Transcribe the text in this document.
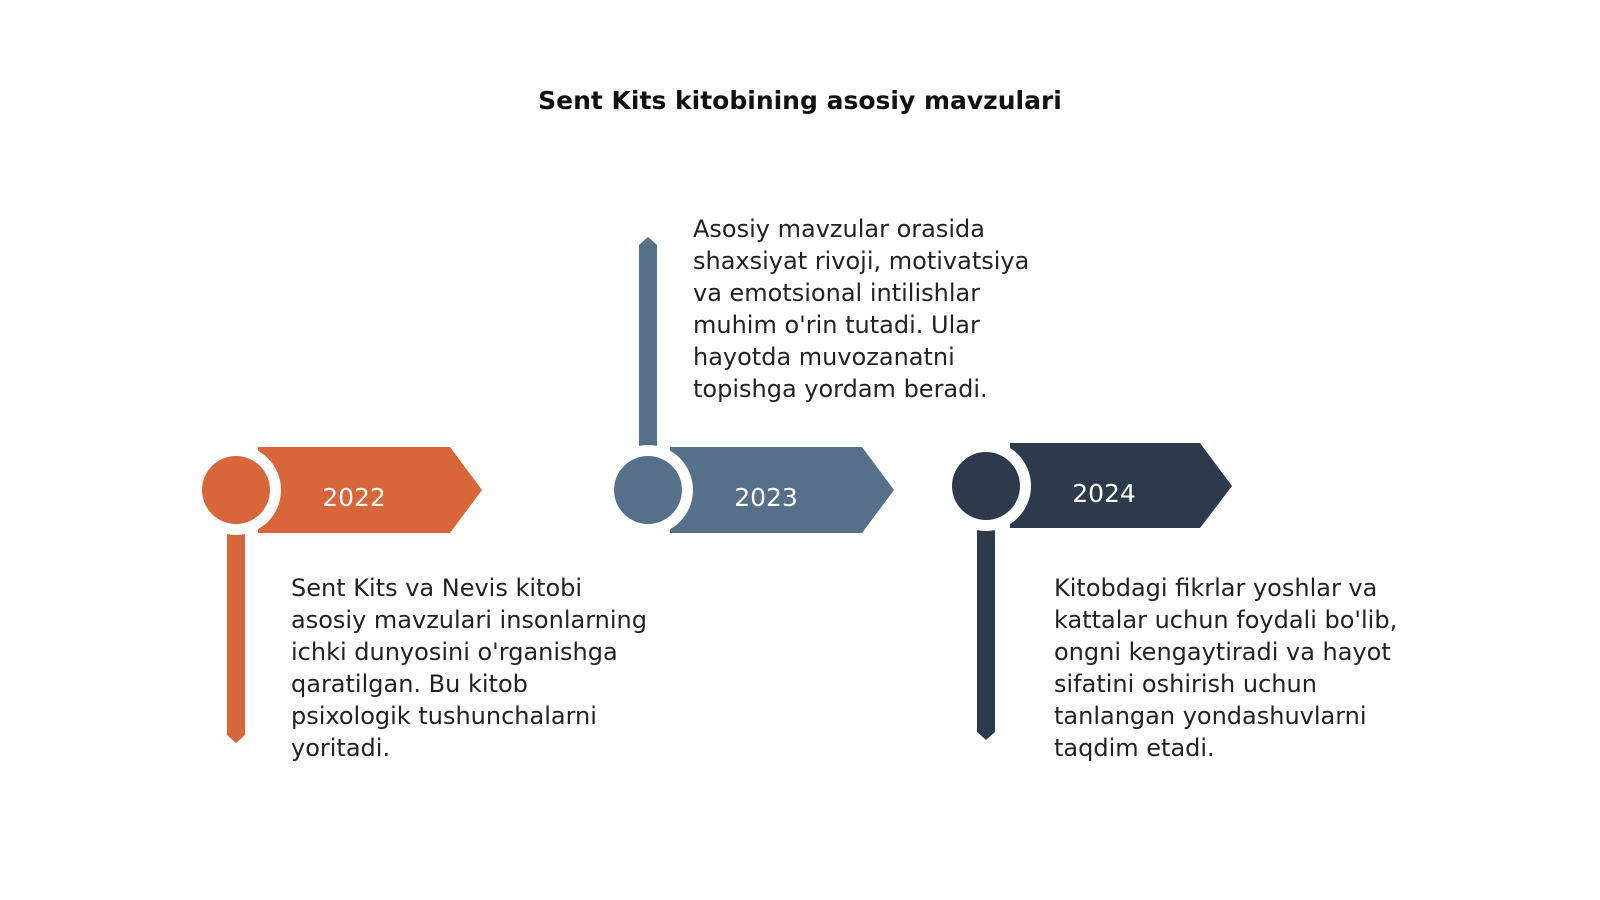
Sent Kits kitobining asosiy mavzulari
2022	2023	2024
Sent Kits va Nevis kitobi asosiy mavzulari insonlarning ichki dunyosini o'rganishga qaratilgan. Bu kitob psixologik tushunchalarni yoritadi.
Asosiy mavzular orasida shaxsiyat rivoji, motivatsiya va emotsional intilishlar muhim o'rin tutadi. Ular hayotda muvozanatni topishga yordam beradi.
Kitobdagi fikrlar yoshlar va kattalar uchun foydali bo'lib, ongni kengaytiradi va hayot sifatini oshirish uchun tanlangan yondashuvlarni taqdim etadi.
